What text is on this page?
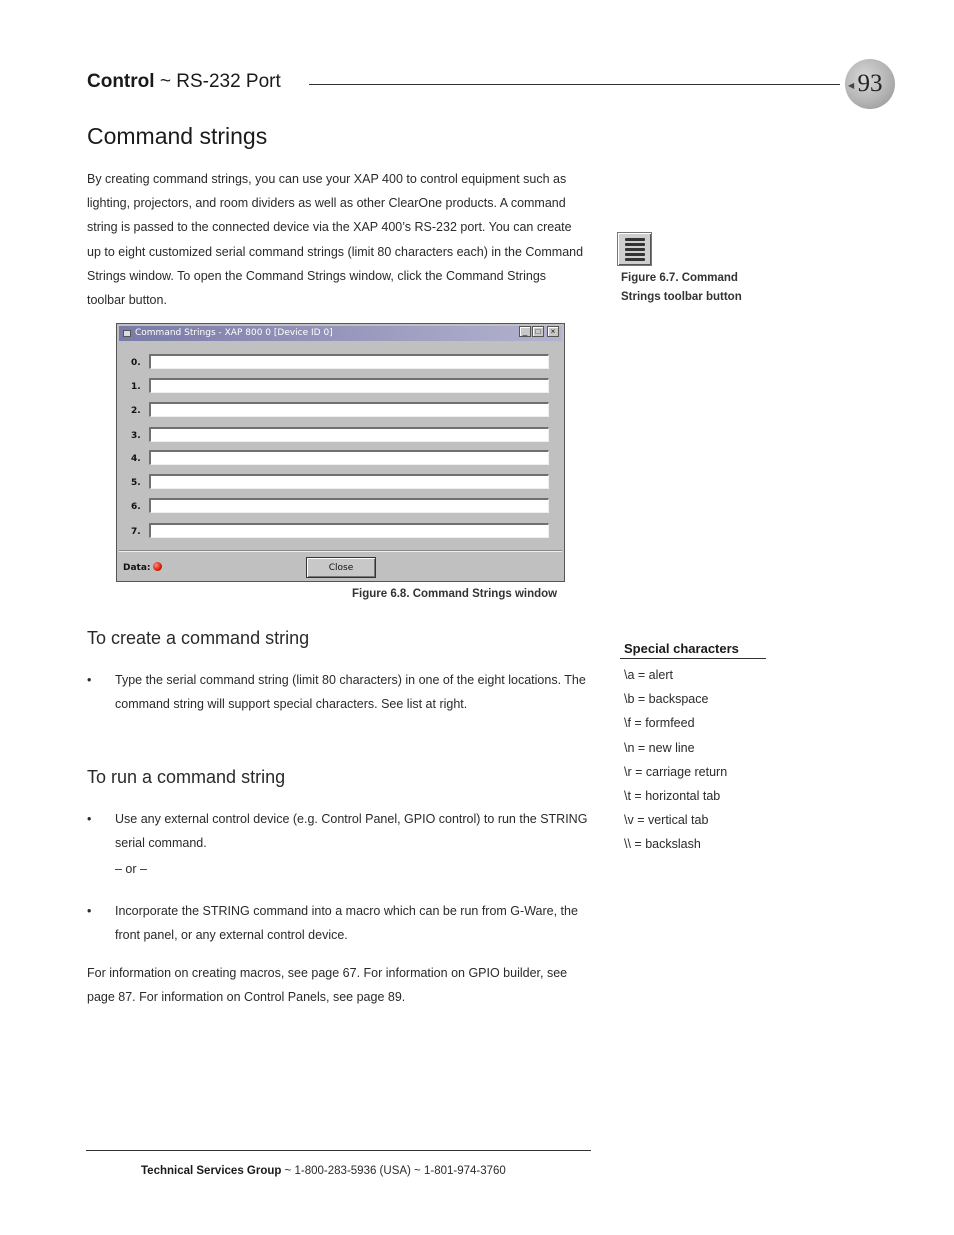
Control ~ RS-232 Port	◀ 93
Command strings

By creating command strings, you can use your XAP 400 to control equipment such as lighting, projectors, and room dividers as well as other ClearOne products. A command string is passed to the connected device via the XAP 400’s RS-232 port. You can create up to eight customized serial command strings (limit 80 characters each) in the Command Strings window. To open the Command Strings window, click the Command Strings toolbar button.

Figure 6.7. Command Strings toolbar button
Command Strings - XAP 800 0 [Device ID 0]	_	□	×
0.
1.
2.
3.
4.
5.
6.
7.
Data:	Close
Figure 6.8. Command Strings window
To create a command string
• Type the serial command string (limit 80 characters) in one of the eight locations. The command string will support special characters. See list at right.
To run a command string
• Use any external control device (e.g. Control Panel, GPIO control) to run the STRING serial command.
– or –
• Incorporate the STRING command into a macro which can be run from G-Ware, the front panel, or any external control device.

For information on creating macros, see page 67. For information on GPIO builder, see page 87. For information on Control Panels, see page 89.

Special characters
\a = alert
\b = backspace
\f = formfeed
\n = new line
\r = carriage return
\t = horizontal tab
\v = vertical tab
\\ = backslash
Technical Services Group ~ 1-800-283-5936 (USA) ~ 1-801-974-3760
